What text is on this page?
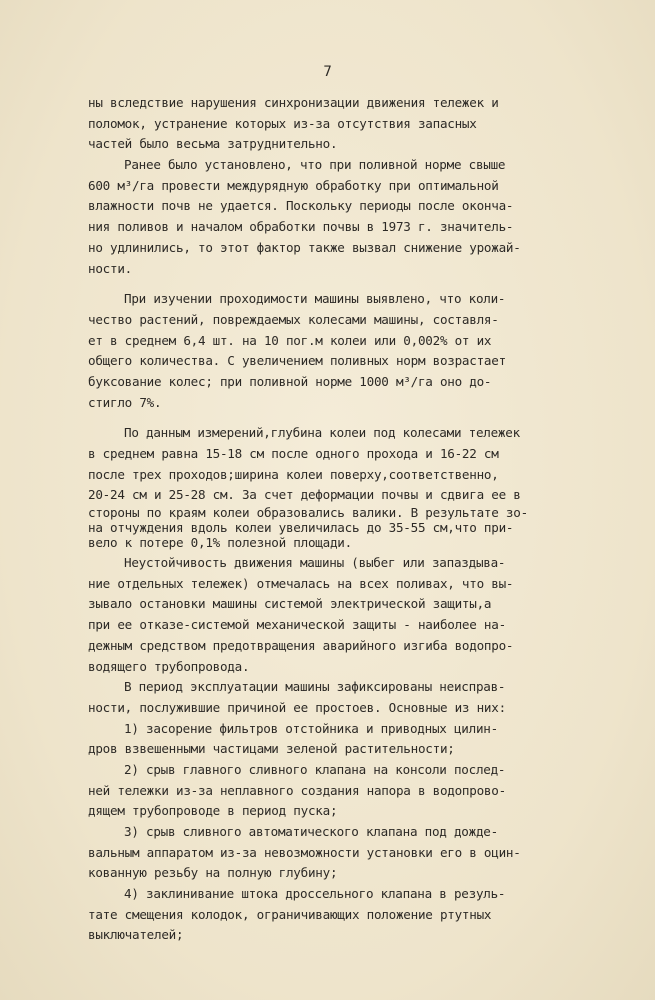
7
ны вследствие нарушения синхронизации движения тележек и
поломок, устранение которых из-за отсутствия запасных
частей было весьма затруднительно.
Ранее было установлено, что при поливной норме свыше
600 м³/га провести междурядную обработку при оптимальной
влажности почв не удается. Поскольку периоды после оконча-
ния поливов и началом обработки почвы в 1973 г. значитель-
но удлинились, то этот фактор также вызвал снижение урожай-
ности.
При изучении проходимости машины выявлено, что коли-
чество растений, повреждаемых колесами машины, составля-
ет в среднем 6,4 шт. на 10 пог.м колеи или 0,002% от их
общего количества. С увеличением поливных норм возрастает
буксование колес; при поливной норме 1000 м³/га оно до-
стигло 7%.
По данным измерений,глубина колеи под колесами тележек
в среднем равна 15-18 см после одного прохода и 16-22 см
после трех проходов;ширина колеи поверху,соответственно,
20-24 см и 25-28 см. За счет деформации почвы и сдвига ее в
стороны по краям колеи образовались валики. В результате зо-
на отчуждения вдоль колеи увеличилась до 35-55 см,что при-
вело к потере 0,1% полезной площади.
Неустойчивость движения машины (выбег или запаздыва-
ние отдельных тележек) отмечалась на всех поливах, что вы-
зывало остановки машины системой электрической защиты,а
при ее отказе-системой механической защиты - наиболее на-
дежным средством предотвращения аварийного изгиба водопро-
водящего трубопровода.
В период эксплуатации машины зафиксированы неисправ-
ности, послужившие причиной ее простоев. Основные из них:
1) засорение фильтров отстойника и приводных цилин-
дров взвешенными частицами зеленой растительности;
2) срыв главного сливного клапана на консоли послед-
ней тележки из-за неплавного создания напора в водопрово-
дящем трубопроводе в период пуска;
3) срыв сливного автоматического клапана под дожде-
вальным аппаратом из-за невозможности установки его в оцин-
кованную резьбу на полную глубину;
4) заклинивание штока дроссельного клапана в резуль-
тате смещения колодок, ограничивающих положение ртутных
выключателей;
